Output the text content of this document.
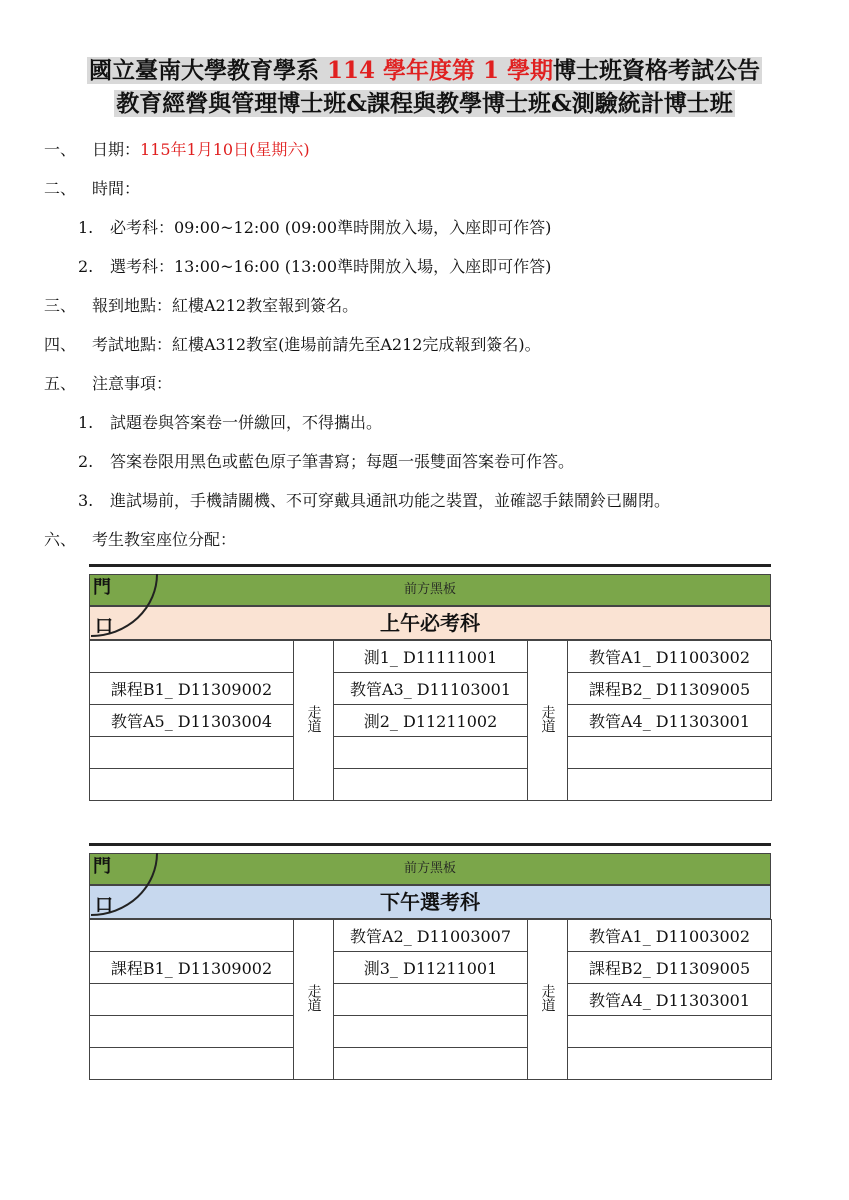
國立臺南大學教育學系 114 學年度第 1 學期博士班資格考試公告
教育經營與管理博士班&課程與教學博士班&測驗統計博士班
一、 日期：115年1月10日(星期六)
二、 時間：
1. 必考科：09:00~12:00 (09:00準時開放入場，入座即可作答)
2. 選考科：13:00~16:00 (13:00準時開放入場，入座即可作答)
三、 報到地點：紅樓A212教室報到簽名。
四、 考試地點：紅樓A312教室(進場前請先至A212完成報到簽名)。
五、 注意事項：
1. 試題卷與答案卷一併繳回，不得攜出。
2. 答案卷限用黑色或藍色原子筆書寫；每題一張雙面答案卷可作答。
3. 進試場前，手機請關機、不可穿戴具通訊功能之裝置，並確認手錶鬧鈴已關閉。
六、 考生教室座位分配：
前方黑板
上午必考科
門
口
	走道	測1_ D11111001	走道	教管A1_ D11003002
課程B1_ D11309002		教管A3_ D11103001		課程B2_ D11309005
教管A5_ D11303004		測2_ D11211002		教管A4_ D11303001

前方黑板
下午選考科
門
口
	走道	教管A2_ D11003007	走道	教管A1_ D11003002
課程B1_ D11309002		測3_ D11211001		課程B2_ D11309005
				教管A4_ D11303001
